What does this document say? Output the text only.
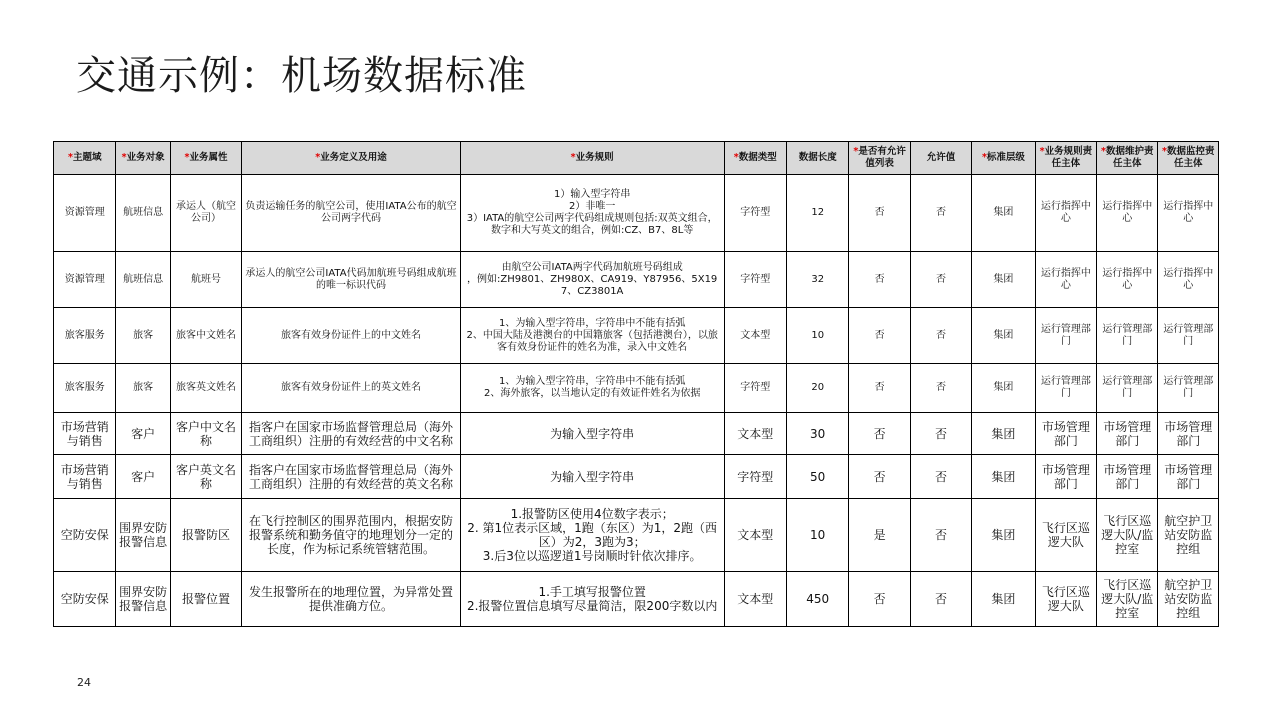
交通示例：机场数据标准
*主题域	*业务对象	*业务属性	*业务定义及用途	*业务规则	*数据类型	数据长度	*是否有允许值列表	允许值	*标准层级	*业务规则责任主体	*数据维护责任主体	*数据监控责任主体
资源管理	航班信息	承运人（航空公司）	负责运输任务的航空公司，使用IATA公布的航空公司两字代码	1）输入型字符串
2）非唯一
3）IATA的航空公司两字代码组成规则包括:双英文组合，数字和大写英文的组合，例如:CZ、B7、8L等	字符型	12	否	否	集团	运行指挥中心	运行指挥中心	运行指挥中心
资源管理	航班信息	航班号	承运人的航空公司IATA代码加航班号码组成航班的唯一标识代码	由航空公司IATA两字代码加航班号码组成
，例如:ZH9801、ZH980X、CA919、Y87956、5X197、CZ3801A	字符型	32	否	否	集团	运行指挥中心	运行指挥中心	运行指挥中心
旅客服务	旅客	旅客中文姓名	旅客有效身份证件上的中文姓名	1、为输入型字符串，字符串中不能有括弧
2、中国大陆及港澳台的中国籍旅客（包括港澳台），以旅客有效身份证件的姓名为准，录入中文姓名	文本型	10	否	否	集团	运行管理部门	运行管理部门	运行管理部门
旅客服务	旅客	旅客英文姓名	旅客有效身份证件上的英文姓名	1、为输入型字符串，字符串中不能有括弧
2、海外旅客，以当地认定的有效证件姓名为依据	字符型	20	否	否	集团	运行管理部门	运行管理部门	运行管理部门
市场营销与销售	客户	客户中文名称	指客户在国家市场监督管理总局（海外工商组织）注册的有效经营的中文名称	为输入型字符串	文本型	30	否	否	集团	市场管理部门	市场管理部门	市场管理部门
市场营销与销售	客户	客户英文名称	指客户在国家市场监督管理总局（海外工商组织）注册的有效经营的英文名称	为输入型字符串	字符型	50	否	否	集团	市场管理部门	市场管理部门	市场管理部门
空防安保	围界安防报警信息	报警防区	在飞行控制区的围界范围内，根据安防报警系统和勤务值守的地理划分一定的长度，作为标记系统管辖范围。	1.报警防区使用4位数字表示；
2. 第1位表示区域，1跑（东区）为1，2跑（西区）为2，3跑为3；
3.后3位以巡逻道1号岗顺时针依次排序。	文本型	10	是	否	集团	飞行区巡逻大队	飞行区巡逻大队/监控室	航空护卫站安防监控组
空防安保	围界安防报警信息	报警位置	发生报警所在的地理位置，为异常处置提供准确方位。	1.手工填写报警位置
2.报警位置信息填写尽量简洁，限200字数以内	文本型	450	否	否	集团	飞行区巡逻大队	飞行区巡逻大队/监控室	航空护卫站安防监控组
24
